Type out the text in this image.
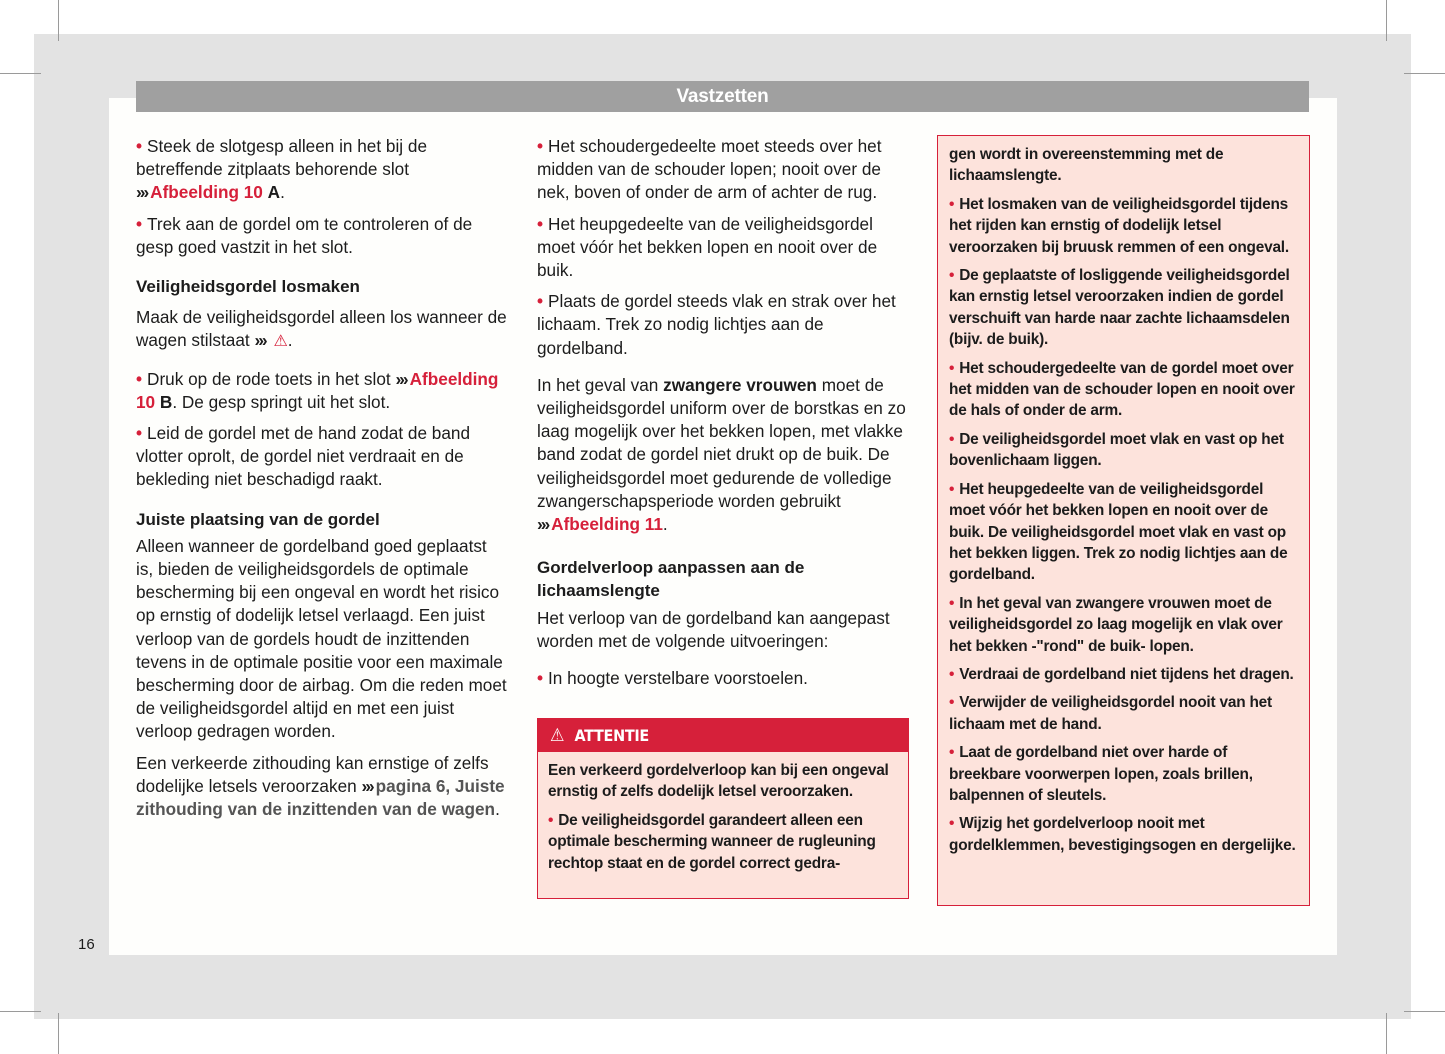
Vastzetten
• Steek de slotgesp alleen in het bij de betreffende zitplaats behorende slot ››› Afbeelding 10 A.
• Trek aan de gordel om te controleren of de gesp goed vastzit in het slot.
Veiligheidsgordel losmaken
Maak de veiligheidsgordel alleen los wanneer de wagen stilstaat ››› ⚠.
• Druk op de rode toets in het slot ››› Afbeelding 10 B. De gesp springt uit het slot.
• Leid de gordel met de hand zodat de band vlotter oprolt, de gordel niet verdraait en de bekleding niet beschadigd raakt.
Juiste plaatsing van de gordel
Alleen wanneer de gordelband goed geplaatst is, bieden de veiligheidsgordels de optimale bescherming bij een ongeval en wordt het risico op ernstig of dodelijk letsel verlaagd. Een juist verloop van de gordels houdt de inzittenden tevens in de optimale positie voor een maximale bescherming door de airbag. Om die reden moet de veiligheidsgordel altijd en met een juist verloop gedragen worden.
Een verkeerde zithouding kan ernstige of zelfs dodelijke letsels veroorzaken ››› pagina 6, Juiste zithouding van de inzittenden van de wagen.
• Het schoudergedeelte moet steeds over het midden van de schouder lopen; nooit over de nek, boven of onder de arm of achter de rug.
• Het heupgedeelte van de veiligheidsgordel moet vóór het bekken lopen en nooit over de buik.
• Plaats de gordel steeds vlak en strak over het lichaam. Trek zo nodig lichtjes aan de gordelband.
In het geval van zwangere vrouwen moet de veiligheidsgordel uniform over de borstkas en zo laag mogelijk over het bekken lopen, met vlakke band zodat de gordel niet drukt op de buik. De veiligheidsgordel moet gedurende de volledige zwangerschapsperiode worden gebruikt ››› Afbeelding 11.
Gordelverloop aanpassen aan de lichaamslengte
Het verloop van de gordelband kan aangepast worden met de volgende uitvoeringen:
• In hoogte verstelbare voorstoelen.
⚠ ATTENTIE
Een verkeerd gordelverloop kan bij een ongeval ernstig of zelfs dodelijk letsel veroorzaken.
• De veiligheidsgordel garandeert alleen een optimale bescherming wanneer de rugleuning rechtop staat en de gordel correct gedra-
gen wordt in overeenstemming met de lichaamslengte.
• Het losmaken van de veiligheidsgordel tijdens het rijden kan ernstig of dodelijk letsel veroorzaken bij bruusk remmen of een ongeval.
• De geplaatste of losliggende veiligheidsgordel kan ernstig letsel veroorzaken indien de gordel verschuift van harde naar zachte lichaamsdelen (bijv. de buik).
• Het schoudergedeelte van de gordel moet over het midden van de schouder lopen en nooit over de hals of onder de arm.
• De veiligheidsgordel moet vlak en vast op het bovenlichaam liggen.
• Het heupgedeelte van de veiligheidsgordel moet vóór het bekken lopen en nooit over de buik. De veiligheidsgordel moet vlak en vast op het bekken liggen. Trek zo nodig lichtjes aan de gordelband.
• In het geval van zwangere vrouwen moet de veiligheidsgordel zo laag mogelijk en vlak over het bekken -"rond" de buik- lopen.
• Verdraai de gordelband niet tijdens het dragen.
• Verwijder de veiligheidsgordel nooit van het lichaam met de hand.
• Laat de gordelband niet over harde of breekbare voorwerpen lopen, zoals brillen, balpennen of sleutels.
• Wijzig het gordelverloop nooit met gordelklemmen, bevestigingsogen en dergelijke.
16
